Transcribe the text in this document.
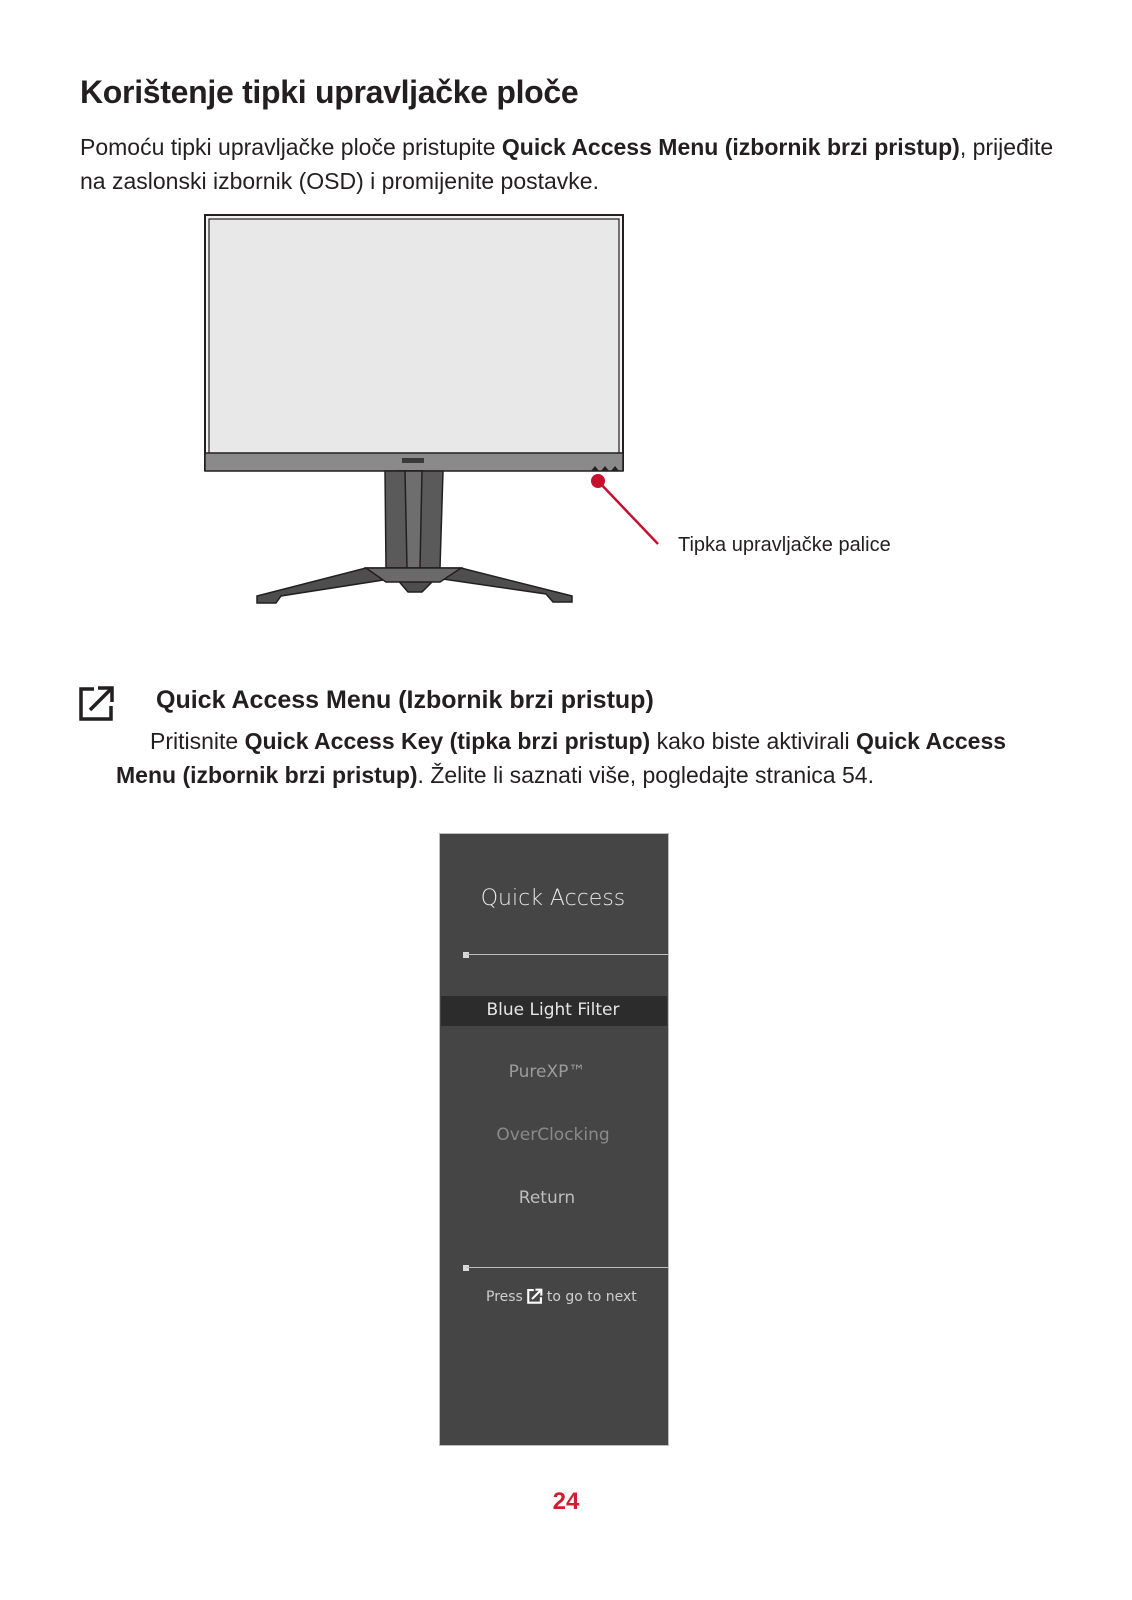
Korištenje tipki upravljačke ploče

Pomoću tipki upravljačke ploče pristupite Quick Access Menu (izbornik brzi pristup), prijeđite na zaslonski izbornik (OSD) i promijenite postavke.

Tipka upravljačke palice
Quick Access Menu (Izbornik brzi pristup)

Pritisnite Quick Access Key (tipka brzi pristup) kako biste aktivirali Quick Access Menu (izbornik brzi pristup). Želite li saznati više, pogledajte stranica 54.

Quick Access
Blue Light Filter
PureXP™
OverClocking
Return
Press to go to next
24
